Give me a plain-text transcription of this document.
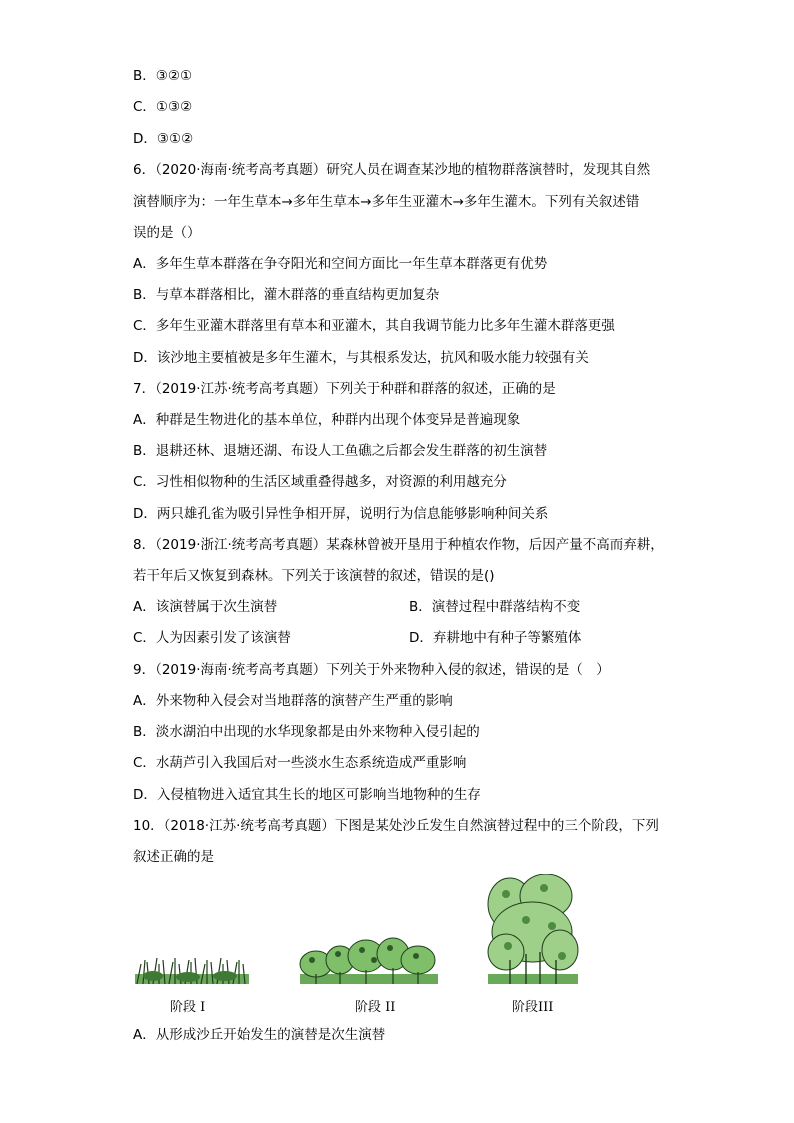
B．③②①
C．①③②
D．③①②
6．（2020·海南·统考高考真题）研究人员在调查某沙地的植物群落演替时，发现其自然
演替顺序为：一年生草本→多年生草本→多年生亚灌木→多年生灌木。下列有关叙述错
误的是（）
A．多年生草本群落在争夺阳光和空间方面比一年生草本群落更有优势
B．与草本群落相比，灌木群落的垂直结构更加复杂
C．多年生亚灌木群落里有草本和亚灌木，其自我调节能力比多年生灌木群落更强
D．该沙地主要植被是多年生灌木，与其根系发达，抗风和吸水能力较强有关
7．（2019·江苏·统考高考真题）下列关于种群和群落的叙述，正确的是
A．种群是生物进化的基本单位，种群内出现个体变异是普遍现象
B．退耕还林、退塘还湖、布设人工鱼礁之后都会发生群落的初生演替
C．习性相似物种的生活区域重叠得越多，对资源的利用越充分
D．两只雄孔雀为吸引异性争相开屏，说明行为信息能够影响种间关系
8．（2019·浙江·统考高考真题）某森林曾被开垦用于种植农作物，后因产量不高而弃耕，
若干年后又恢复到森林。下列关于该演替的叙述，错误的是()
A．该演替属于次生演替	B．演替过程中群落结构不变
C．人为因素引发了该演替	D．弃耕地中有种子等繁殖体
9．（2019·海南·统考高考真题）下列关于外来物种入侵的叙述，错误的是（　）
A．外来物种入侵会对当地群落的演替产生严重的影响
B．淡水湖泊中出现的水华现象都是由外来物种入侵引起的
C．水葫芦引入我国后对一些淡水生态系统造成严重影响
D．入侵植物进入适宜其生长的地区可影响当地物种的生存
10．（2018·江苏·统考高考真题）下图是某处沙丘发生自然演替过程中的三个阶段，下列
叙述正确的是
阶段 I	阶段 II	阶段III
A．从形成沙丘开始发生的演替是次生演替
